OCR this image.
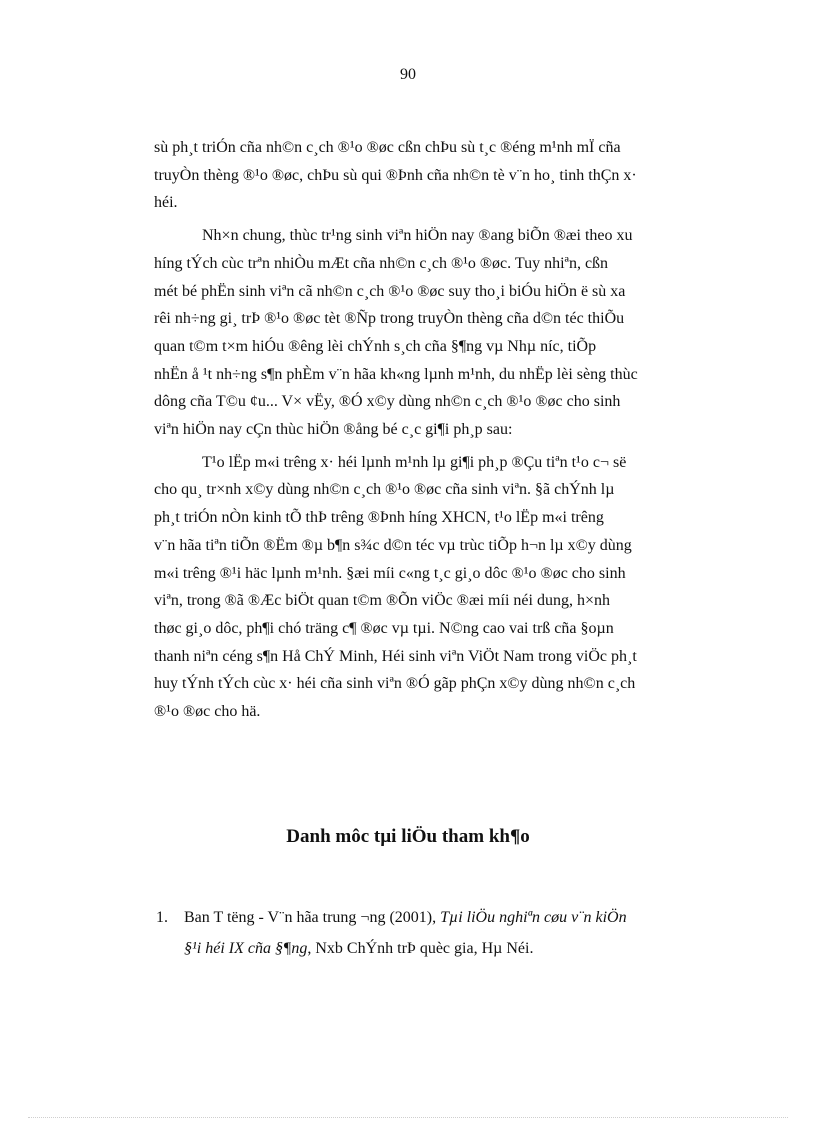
90

sù ph¸t triÓn cña nh©n c¸ch ®¹o ®øc cßn chÞu sù t¸c ®éng m¹nh mÏ cña
truyÒn thèng ®¹o ®øc, chÞu sù qui ®Þnh cña nh©n tè v¨n ho¸ tinh thÇn x·
héi.

Nh×n chung, thùc tr¹ng sinh viªn hiÖn nay ®ang biÕn ®æi theo xu
híng tÝch cùc trªn nhiÒu mÆt cña nh©n c¸ch ®¹o ®øc. Tuy nhiªn, cßn
mét bé phËn sinh viªn cã nh©n c¸ch ®¹o ®øc suy tho¸i biÓu hiÖn ë sù xa
rêi nh÷ng gi¸ trÞ ®¹o ®øc tèt ®Ñp trong truyÒn thèng cña d©n téc thiÕu
quan t©m t×m hiÓu ®êng lèi chÝnh s¸ch cña §¶ng vµ Nhµ níc, tiÕp
nhËn å ¹t nh÷ng s¶n phÈm v¨n hãa kh«ng lµnh m¹nh, du nhËp lèi sèng thùc
dông cña T©u ¢u... V× vËy, ®Ó x©y dùng nh©n c¸ch ®¹o ®øc cho sinh
viªn hiÖn nay cÇn thùc hiÖn ®ång bé c¸c gi¶i ph¸p sau:

T¹o lËp m«i trêng x· héi lµnh m¹nh lµ gi¶i ph¸p ®Çu tiªn t¹o c¬ së
cho qu¸ tr×nh x©y dùng nh©n c¸ch ®¹o ®øc cña sinh viªn. §ã chÝnh lµ
ph¸t triÓn nÒn kinh tÕ thÞ trêng ®Þnh híng XHCN, t¹o lËp m«i trêng
v¨n hãa tiªn tiÕn ®Ëm ®µ b¶n s¾c d©n téc vµ trùc tiÕp h¬n lµ x©y dùng
m«i trêng ®¹i häc lµnh m¹nh. §æi míi c«ng t¸c gi¸o dôc ®¹o ®øc cho sinh
viªn, trong ®ã ®Æc biÖt quan t©m ®Õn viÖc ®æi míi néi dung, h×nh
thøc gi¸o dôc, ph¶i chó träng c¶ ®øc vµ tµi. N©ng cao vai trß cña §oµn
thanh niªn céng s¶n Hå ChÝ Minh, Héi sinh viªn ViÖt Nam trong viÖc ph¸t
huy tÝnh tÝch cùc x· héi cña sinh viªn ®Ó gãp phÇn x©y dùng nh©n c¸ch
®¹o ®øc cho hä.

Danh môc tµi liÖu tham kh¶o
1. Ban T tëng - V¨n hãa trung ¬ng (2001), Tµi liÖu nghiªn cøu v¨n kiÖn
§¹i héi IX cña §¶ng, Nxb ChÝnh trÞ quèc gia, Hµ Néi.
